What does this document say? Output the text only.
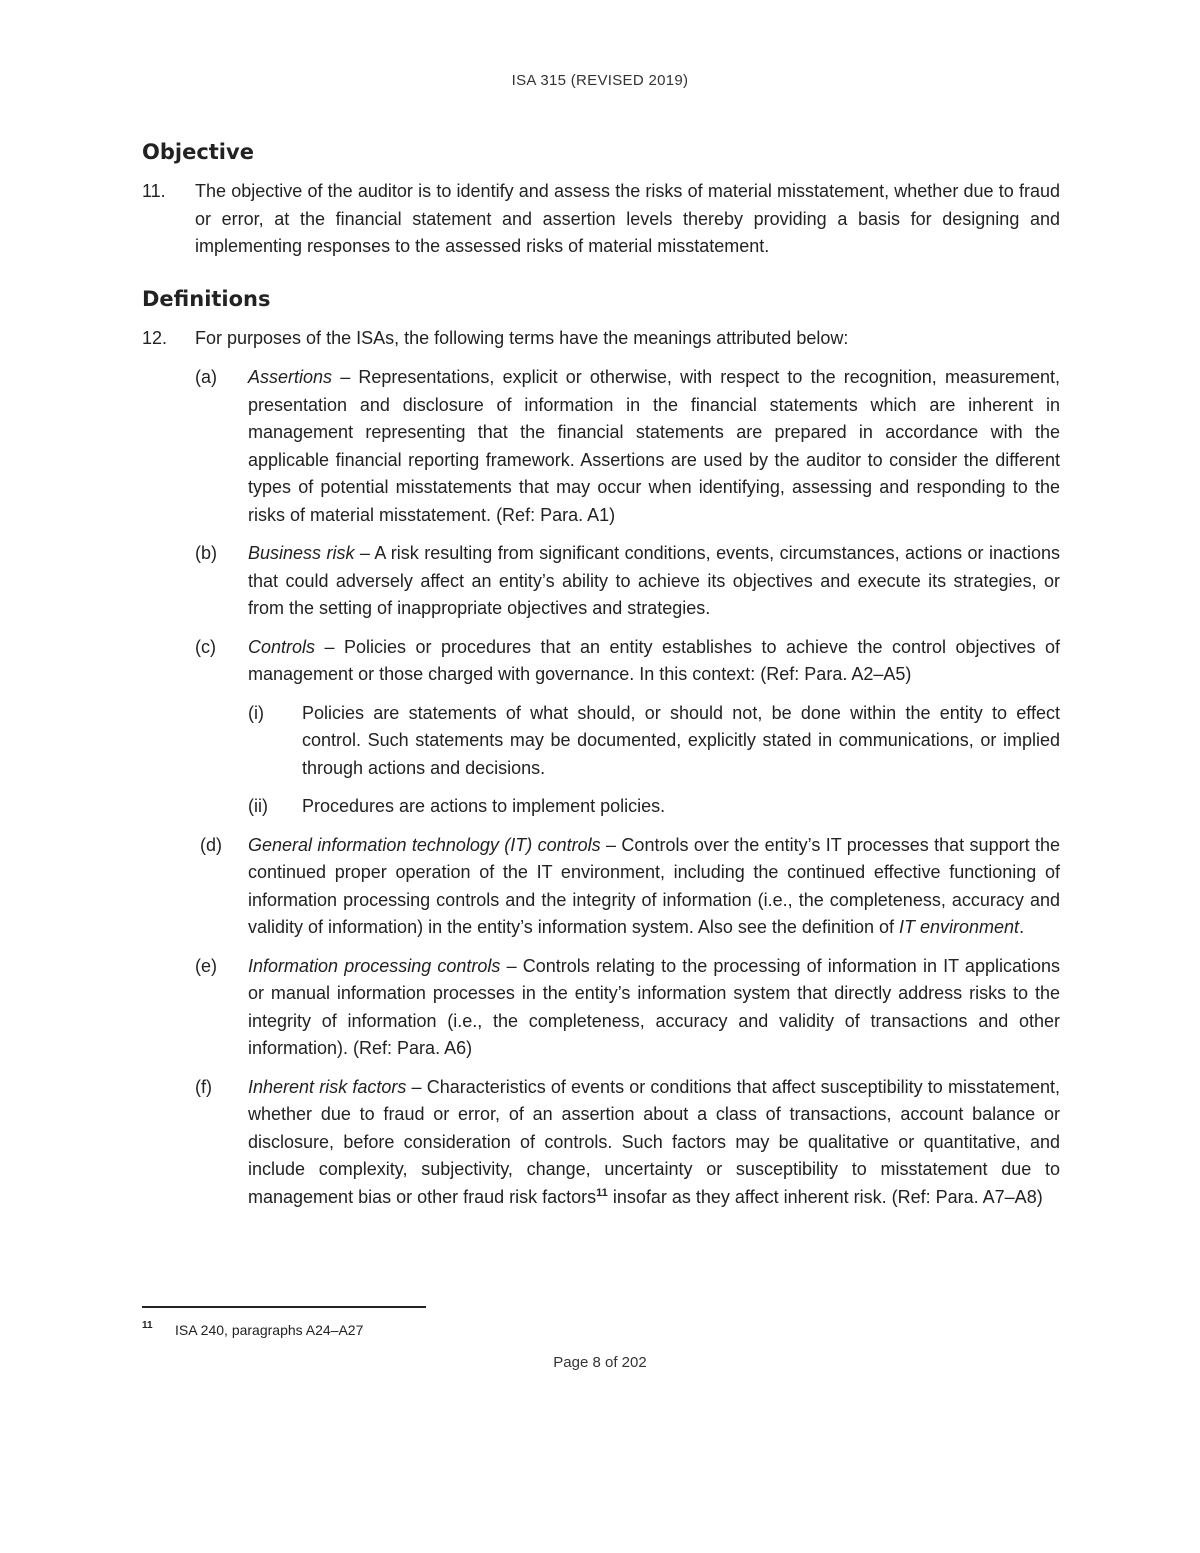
ISA 315 (REVISED 2019)
Objective
11. The objective of the auditor is to identify and assess the risks of material misstatement, whether due to fraud or error, at the financial statement and assertion levels thereby providing a basis for designing and implementing responses to the assessed risks of material misstatement.
Definitions
12. For purposes of the ISAs, the following terms have the meanings attributed below:
(a) Assertions – Representations, explicit or otherwise, with respect to the recognition, measurement, presentation and disclosure of information in the financial statements which are inherent in management representing that the financial statements are prepared in accordance with the applicable financial reporting framework. Assertions are used by the auditor to consider the different types of potential misstatements that may occur when identifying, assessing and responding to the risks of material misstatement. (Ref: Para. A1)
(b) Business risk – A risk resulting from significant conditions, events, circumstances, actions or inactions that could adversely affect an entity’s ability to achieve its objectives and execute its strategies, or from the setting of inappropriate objectives and strategies.
(c) Controls – Policies or procedures that an entity establishes to achieve the control objectives of management or those charged with governance. In this context: (Ref: Para. A2–A5)
(i) Policies are statements of what should, or should not, be done within the entity to effect control. Such statements may be documented, explicitly stated in communications, or implied through actions and decisions.
(ii) Procedures are actions to implement policies.
(d) General information technology (IT) controls – Controls over the entity’s IT processes that support the continued proper operation of the IT environment, including the continued effective functioning of information processing controls and the integrity of information (i.e., the completeness, accuracy and validity of information) in the entity’s information system. Also see the definition of IT environment.
(e) Information processing controls – Controls relating to the processing of information in IT applications or manual information processes in the entity’s information system that directly address risks to the integrity of information (i.e., the completeness, accuracy and validity of transactions and other information). (Ref: Para. A6)
(f) Inherent risk factors – Characteristics of events or conditions that affect susceptibility to misstatement, whether due to fraud or error, of an assertion about a class of transactions, account balance or disclosure, before consideration of controls. Such factors may be qualitative or quantitative, and include complexity, subjectivity, change, uncertainty or susceptibility to misstatement due to management bias or other fraud risk factors$^{11}$ insofar as they affect inherent risk. (Ref: Para. A7–A8)
11	ISA 240, paragraphs A24–A27
Page 8 of 202
